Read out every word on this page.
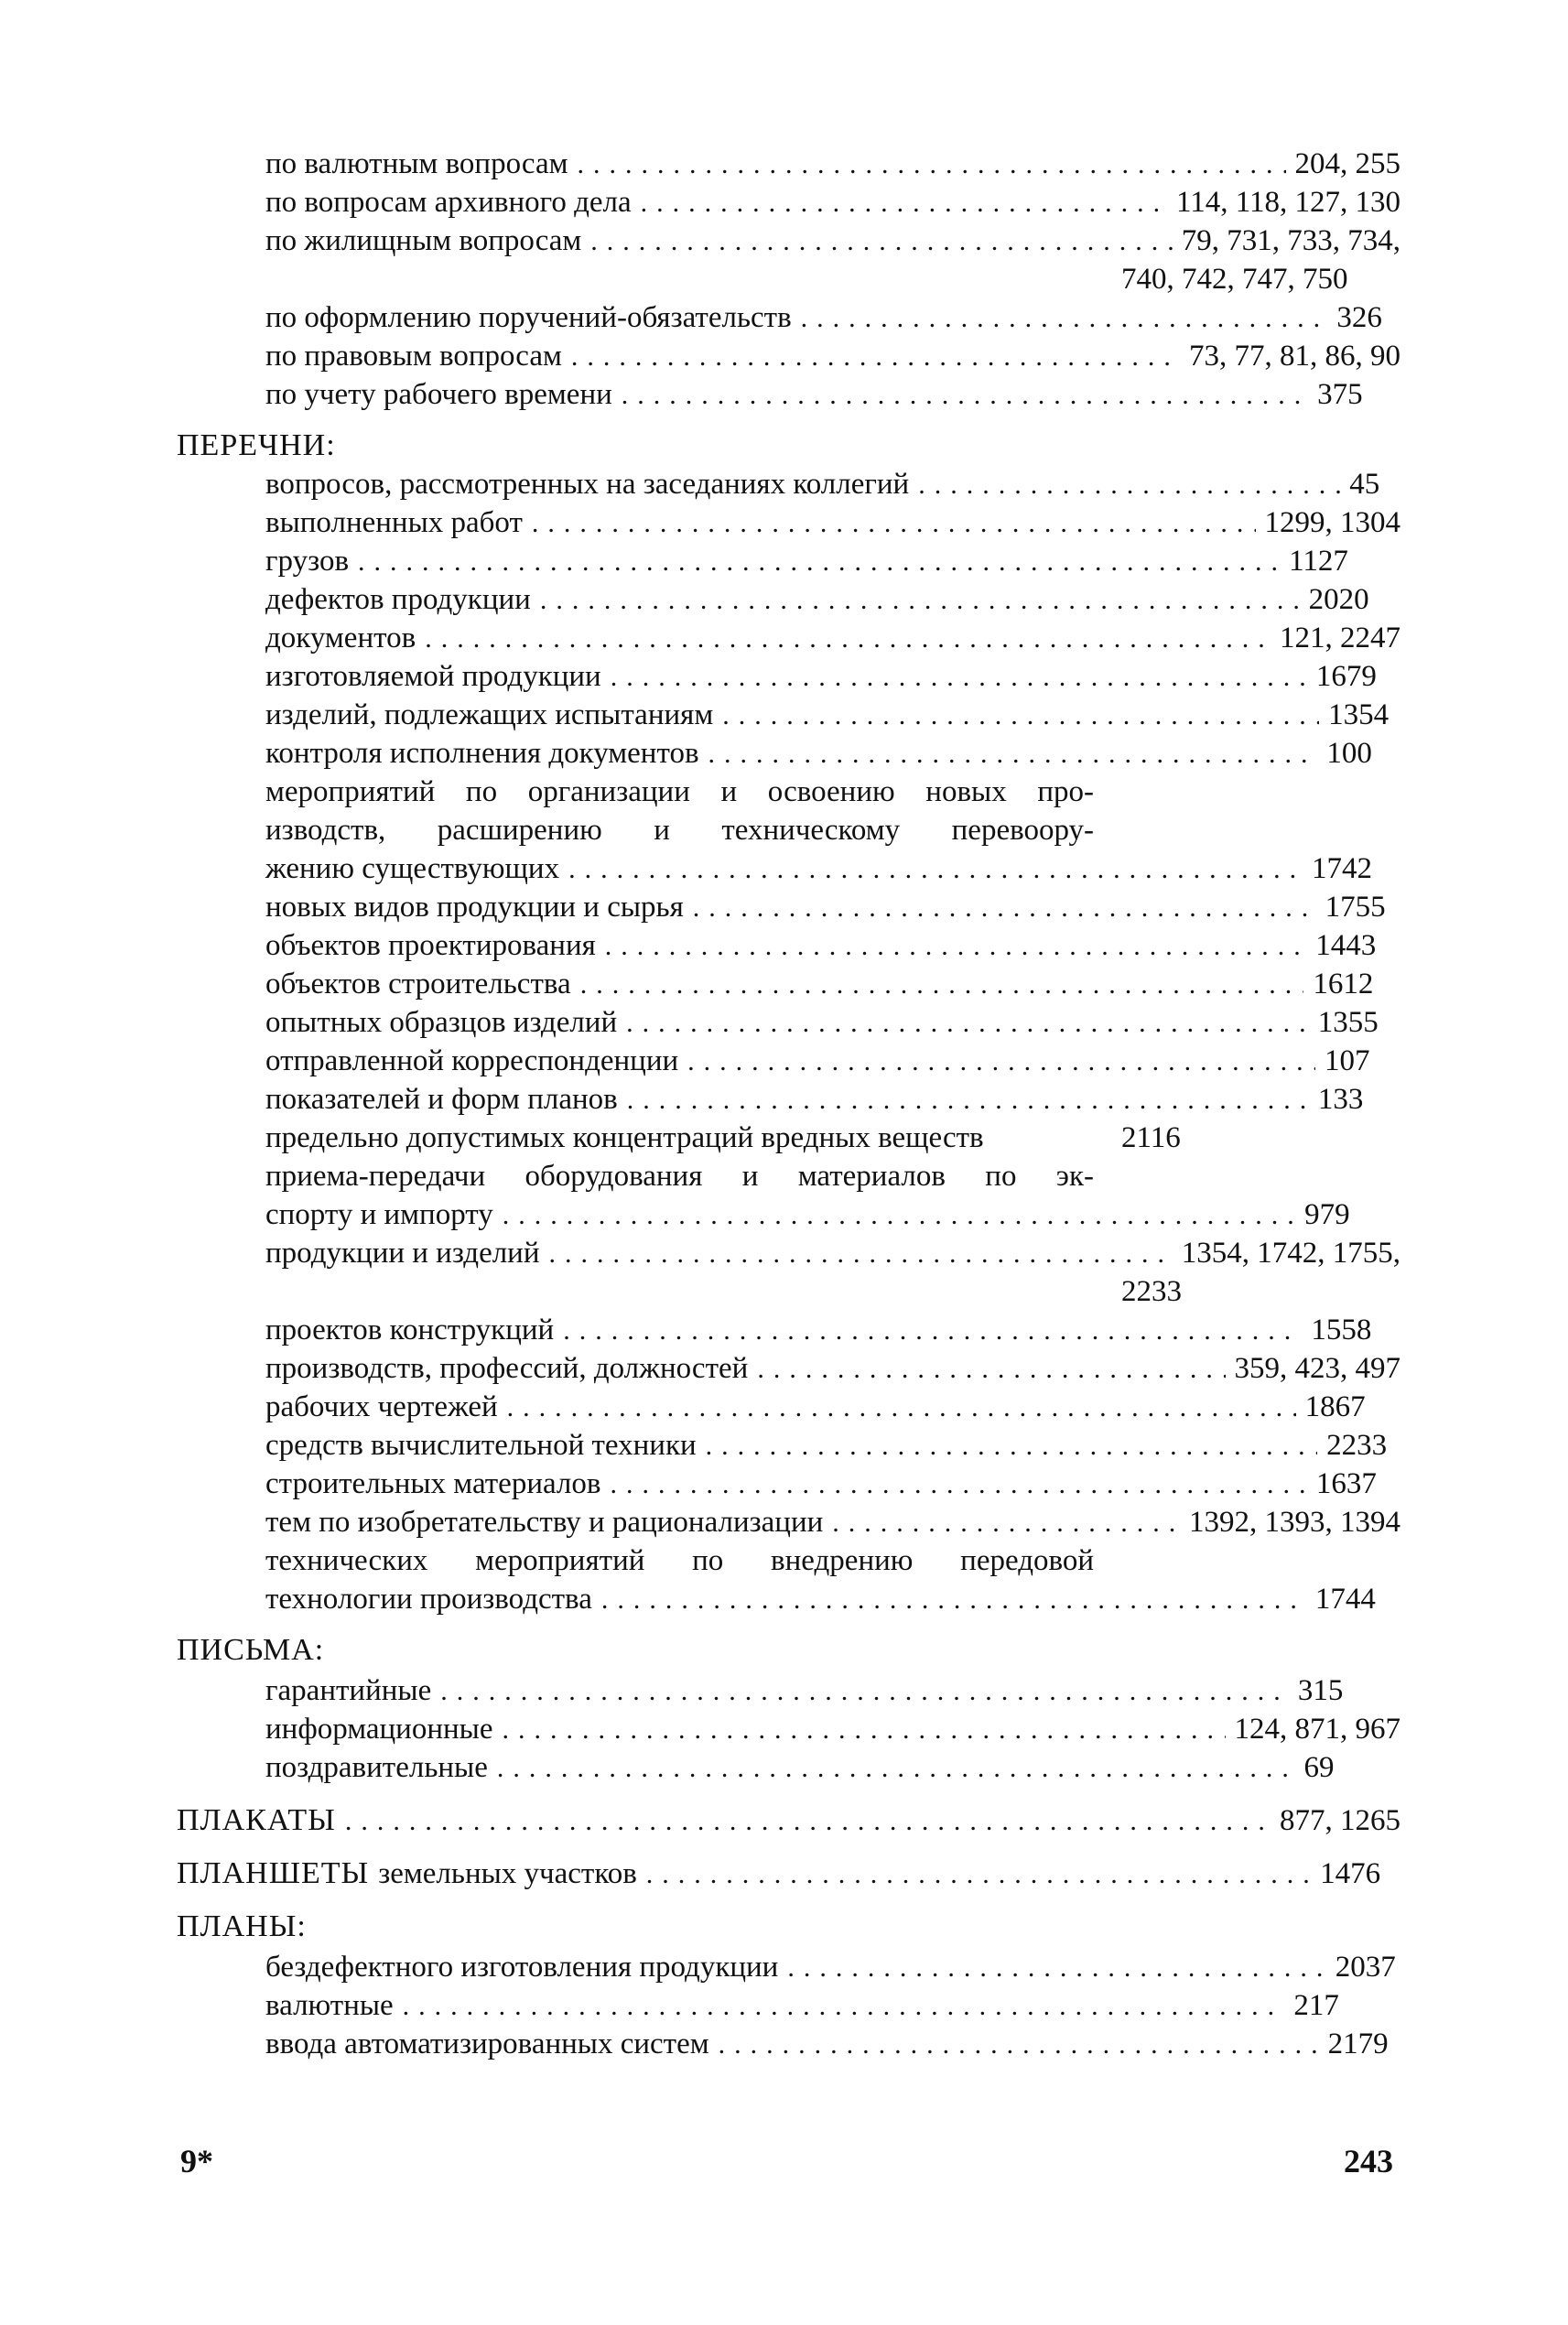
по валютным вопросам .....	204, 255
по вопросам архивного дела .....	114, 118, 127, 130
по жилищным вопросам .....	79, 731, 733, 734,
740, 742, 747, 750
по оформлению поручений-обязательств .....	326
по правовым вопросам .....	73, 77, 81, 86, 90
по учету рабочего времени .....	375
ПЕРЕЧНИ:
вопросов, рассмотренных на заседаниях коллегий .....	45
выполненных работ .....	1299, 1304
грузов .....	1127
дефектов продукции .....	2020
документов .....	121, 2247
изготовляемой продукции .....	1679
изделий, подлежащих испытаниям .....	1354
контроля исполнения документов .....	100
мероприятий по организации и освоению новых про-
изводств, расширению и техническому перевоору-
жению существующих .....	1742
новых видов продукции и сырья .....	1755
объектов проектирования .....	1443
объектов строительства .....	1612
опытных образцов изделий .....	1355
отправленной корреспонденции .....	107
показателей и форм планов .....	133
предельно допустимых концентраций вредных веществ	2116
приема-передачи оборудования и материалов по эк-
спорту и импорту .....	979
продукции и изделий .....	1354, 1742, 1755,
2233
проектов конструкций .....	1558
производств, профессий, должностей .....	359, 423, 497
рабочих чертежей .....	1867
средств вычислительной техники .....	2233
строительных материалов .....	1637
тем по изобретательству и рационализации .....	1392, 1393, 1394
технических мероприятий по внедрению передовой
технологии производства .....	1744
ПИСЬМА:
гарантийные .....	315
информационные .....	124, 871, 967
поздравительные .....	69
ПЛАКАТЫ .....	877, 1265
ПЛАНШЕТЫ земельных участков .....	1476
ПЛАНЫ:
бездефектного изготовления продукции .....	2037
валютные .....	217
ввода автоматизированных систем .....	2179
9*	243
